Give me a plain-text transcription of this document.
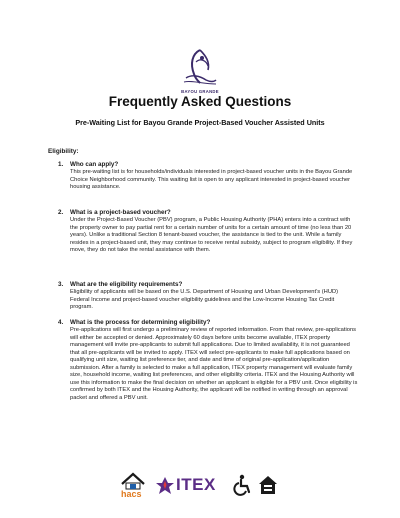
BAYOU GRANDE
Frequently Asked Questions
Pre-Waiting List for Bayou Grande Project-Based Voucher Assisted Units
Eligibility:

1. Who can apply?

This pre-waiting list is for households/individuals interested in project-based voucher units in the Bayou Grande Choice Neighborhood community. This waiting list is open to any applicant interested in project-based voucher housing assistance.

2. What is a project-based voucher?

Under the Project-Based Voucher (PBV) program, a Public Housing Authority (PHA) enters into a contract with the property owner to pay partial rent for a certain number of units for a certain amount of time (no less than 20 years). Unlike a traditional Section 8 tenant-based voucher, the assistance is tied to the unit. While a family resides in a project-based unit, they may continue to receive rental subsidy, subject to program eligibility. If they move, they do not take the rental assistance with them.

3. What are the eligibility requirements?

Eligibility of applicants will be based on the U.S. Department of Housing and Urban Development’s (HUD) Federal Income and project-based voucher eligibility guidelines and the Low-Income Housing Tax Credit program.

4. What is the process for determining eligibility?

Pre-applications will first undergo a preliminary review of reported information. From that review, pre-applications will either be accepted or denied. Approximately 60 days before units become available, ITEX property management will invite pre-applicants to submit full applications. Due to limited availability, it is not guaranteed that all pre-applicants will be invited to apply. ITEX will select pre-applicants to make full applications based on qualifying unit size, waiting list preference tier, and date and time of original pre-application/application submission. After a family is selected to make a full application, ITEX property management will evaluate family size, household income, waiting list preferences, and other eligibility criteria. ITEX and the Housing Authority will use this information to make the final decision on whether an applicant is eligible for a PBV unit. Once eligibility is confirmed by both ITEX and the Housing Authority, the applicant will be notified in writing through an approval packet and offered a PBV unit.

hacs ITEX
